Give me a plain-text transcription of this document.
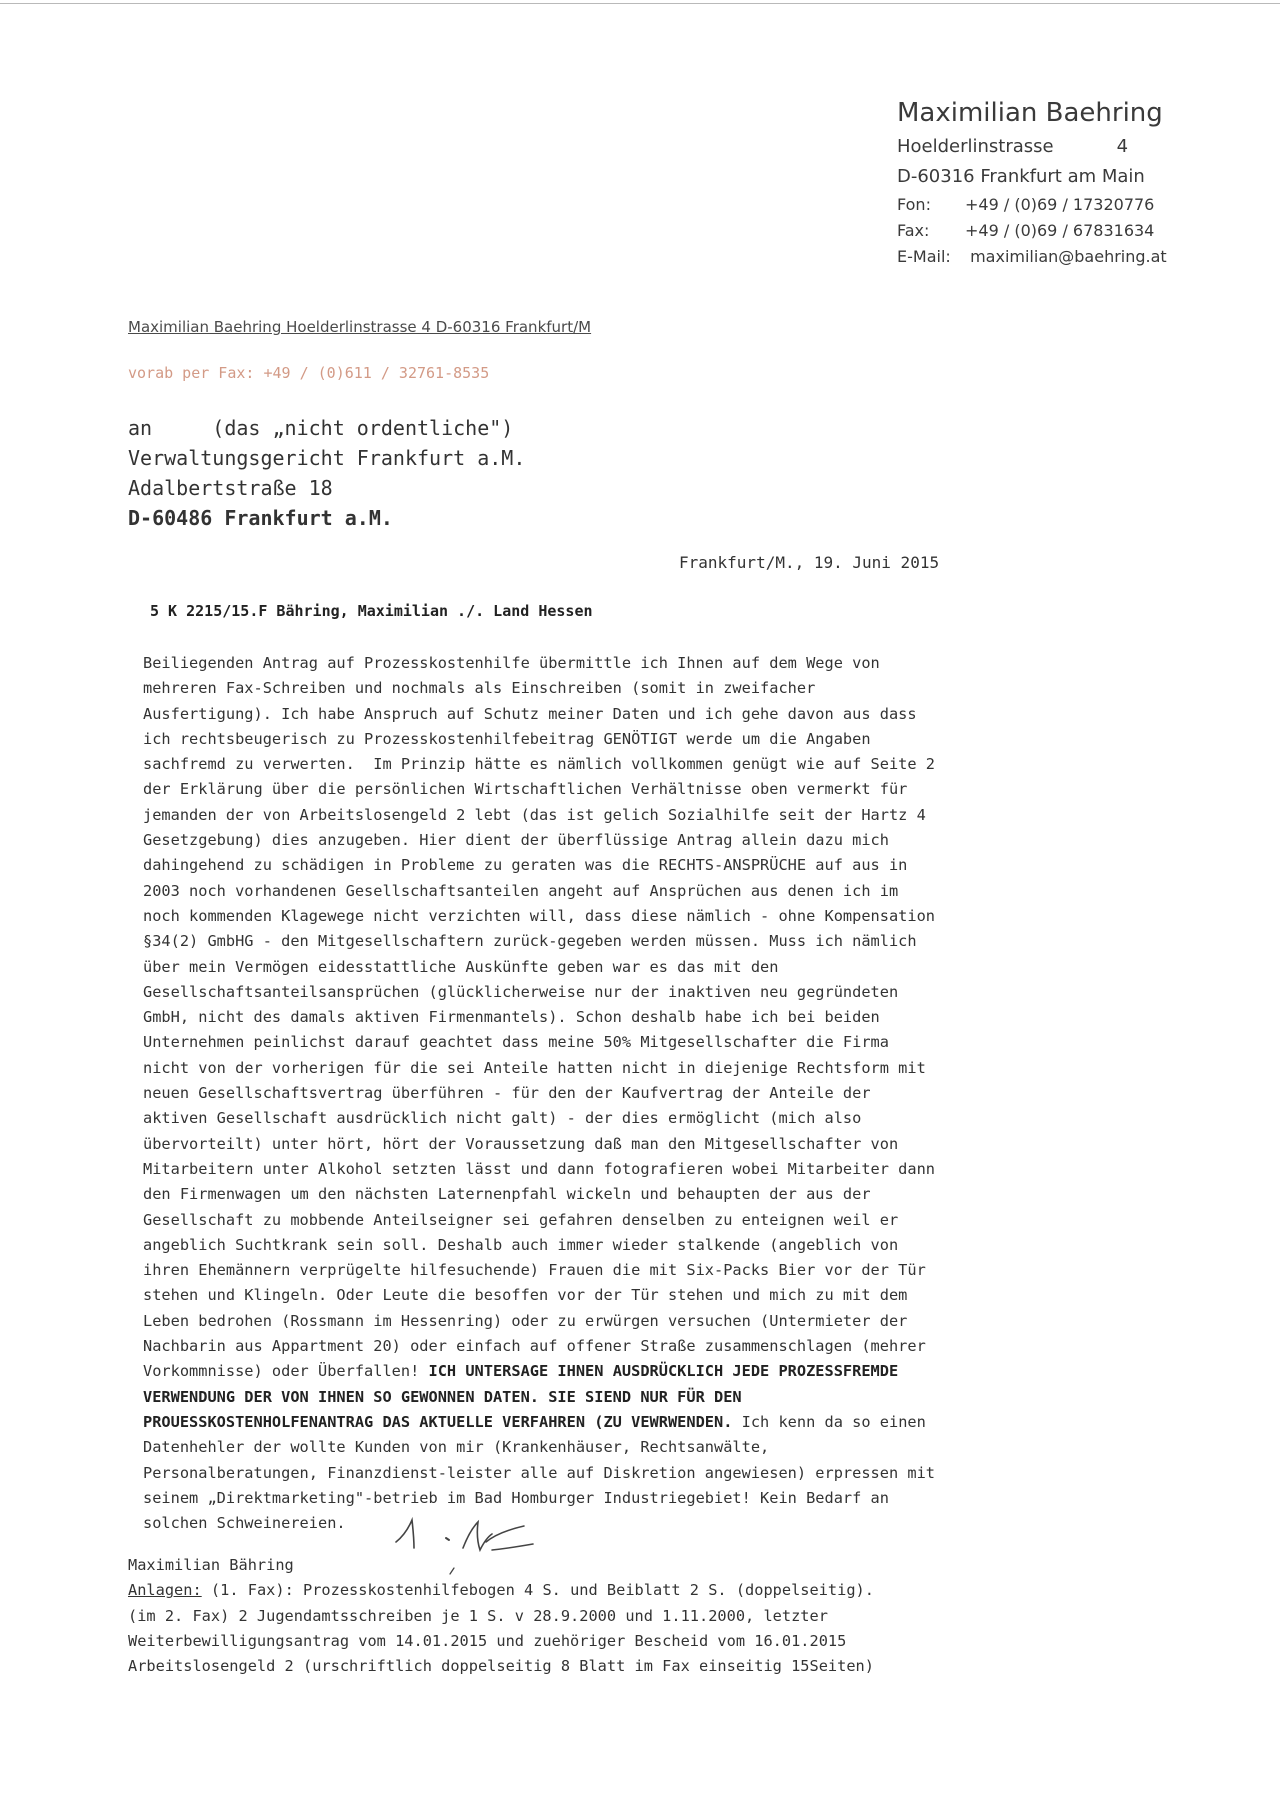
Maximilian Baehring
Hoelderlinstrasse           4
D-60316 Frankfurt am Main
Fon:	+49 / (0)69 / 17320776
Fax:	+49 / (0)69 / 67831634
E-Mail: maximilian@baehring.at
Maximilian Baehring Hoelderlinstrasse 4 D-60316 Frankfurt/M
vorab per Fax: +49 / (0)611 / 32761-8535
an     (das „nicht ordentliche")
Verwaltungsgericht Frankfurt a.M.
Adalbertstraße 18
D-60486 Frankfurt a.M.
Frankfurt/M., 19. Juni 2015
5 K 2215/15.F Bähring, Maximilian ./. Land Hessen
Beiliegenden Antrag auf Prozesskostenhilfe übermittle ich Ihnen auf dem Wege von
mehreren Fax-Schreiben und nochmals als Einschreiben (somit in zweifacher
Ausfertigung). Ich habe Anspruch auf Schutz meiner Daten und ich gehe davon aus dass
ich rechtsbeugerisch zu Prozesskostenhilfebeitrag GENÖTIGT werde um die Angaben
sachfremd zu verwerten.  Im Prinzip hätte es nämlich vollkommen genügt wie auf Seite 2
der Erklärung über die persönlichen Wirtschaftlichen Verhältnisse oben vermerkt für
jemanden der von Arbeitslosengeld 2 lebt (das ist gelich Sozialhilfe seit der Hartz 4
Gesetzgebung) dies anzugeben. Hier dient der überflüssige Antrag allein dazu mich
dahingehend zu schädigen in Probleme zu geraten was die RECHTS-ANSPRÜCHE auf aus in
2003 noch vorhandenen Gesellschaftsanteilen angeht auf Ansprüchen aus denen ich im
noch kommenden Klagewege nicht verzichten will, dass diese nämlich - ohne Kompensation
§34(2) GmbHG - den Mitgesellschaftern zurück-gegeben werden müssen. Muss ich nämlich
über mein Vermögen eidesstattliche Auskünfte geben war es das mit den
Gesellschaftsanteilsansprüchen (glücklicherweise nur der inaktiven neu gegründeten
GmbH, nicht des damals aktiven Firmenmantels). Schon deshalb habe ich bei beiden
Unternehmen peinlichst darauf geachtet dass meine 50% Mitgesellschafter die Firma
nicht von der vorherigen für die sei Anteile hatten nicht in diejenige Rechtsform mit
neuen Gesellschaftsvertrag überführen - für den der Kaufvertrag der Anteile der
aktiven Gesellschaft ausdrücklich nicht galt) - der dies ermöglicht (mich also
übervorteilt) unter hört, hört der Voraussetzung daß man den Mitgesellschafter von
Mitarbeitern unter Alkohol setzten lässt und dann fotografieren wobei Mitarbeiter dann
den Firmenwagen um den nächsten Laternenpfahl wickeln und behaupten der aus der
Gesellschaft zu mobbende Anteilseigner sei gefahren denselben zu enteignen weil er
angeblich Suchtkrank sein soll. Deshalb auch immer wieder stalkende (angeblich von
ihren Ehemännern verprügelte hilfesuchende) Frauen die mit Six-Packs Bier vor der Tür
stehen und Klingeln. Oder Leute die besoffen vor der Tür stehen und mich zu mit dem
Leben bedrohen (Rossmann im Hessenring) oder zu erwürgen versuchen (Untermieter der
Nachbarin aus Appartment 20) oder einfach auf offener Straße zusammenschlagen (mehrer
Vorkommnisse) oder Überfallen! ICH UNTERSAGE IHNEN AUSDRÜCKLICH JEDE PROZESSFREMDE
VERWENDUNG DER VON IHNEN SO GEWONNEN DATEN. SIE SIEND NUR FÜR DEN
PROUESSKOSTENHOLFENANTRAG DAS AKTUELLE VERFAHREN (ZU VEWRWENDEN. Ich kenn da so einen
Datenhehler der wollte Kunden von mir (Krankenhäuser, Rechtsanwälte,
Personalberatungen, Finanzdienst-leister alle auf Diskretion angewiesen) erpressen mit
seinem „Direktmarketing"-betrieb im Bad Homburger Industriegebiet! Kein Bedarf an
solchen Schweinereien.
Maximilian Bähring
Anlagen: (1. Fax): Prozesskostenhilfebogen 4 S. und Beiblatt 2 S. (doppelseitig).
(im 2. Fax) 2 Jugendamtsschreiben je 1 S. v 28.9.2000 und 1.11.2000, letzter
Weiterbewilligungsantrag vom 14.01.2015 und zuehöriger Bescheid vom 16.01.2015
Arbeitslosengeld 2 (urschriftlich doppelseitig 8 Blatt im Fax einseitig 15Seiten)
